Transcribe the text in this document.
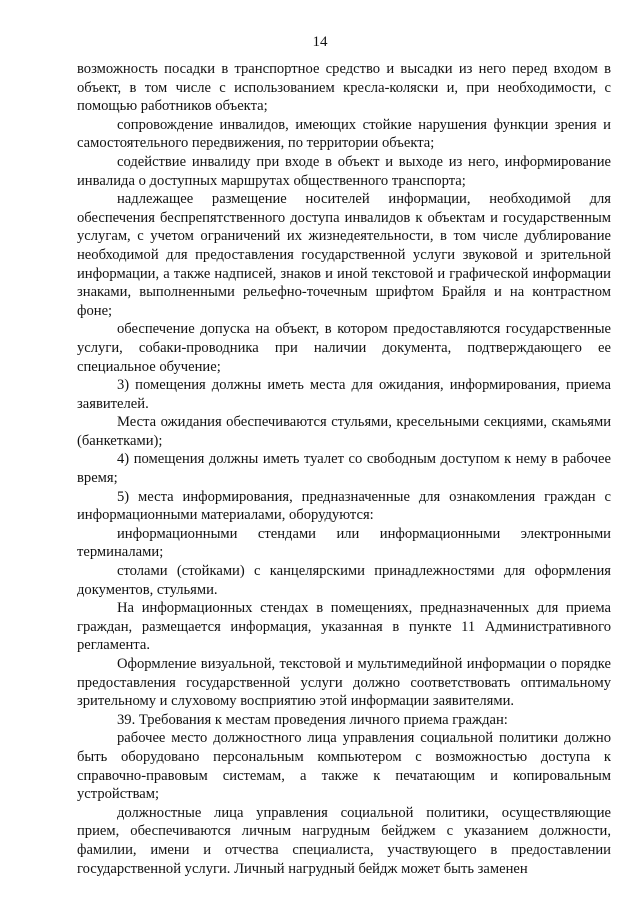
14

возможность посадки в транспортное средство и высадки из него перед входом в объект, в том числе с использованием кресла-коляски и, при необходимости, с помощью работников объекта;

сопровождение инвалидов, имеющих стойкие нарушения функции зрения и самостоятельного передвижения, по территории объекта;

содействие инвалиду при входе в объект и выходе из него, информирование инвалида о доступных маршрутах общественного транспорта;

надлежащее размещение носителей информации, необходимой для обеспечения беспрепятственного доступа инвалидов к объектам и государственным услугам, с учетом ограничений их жизнедеятельности, в том числе дублирование необходимой для предоставления государственной услуги звуковой и зрительной информации, а также надписей, знаков и иной текстовой и графической информации знаками, выполненными рельефно-точечным шрифтом Брайля и на контрастном фоне;

обеспечение допуска на объект, в котором предоставляются государственные услуги, собаки-проводника при наличии документа, подтверждающего ее специальное обучение;

3) помещения должны иметь места для ожидания, информирования, приема заявителей.

Места ожидания обеспечиваются стульями, кресельными секциями, скамьями (банкетками);

4) помещения должны иметь туалет со свободным доступом к нему в рабочее время;

5) места информирования, предназначенные для ознакомления граждан с информационными материалами, оборудуются:

информационными стендами или информационными электронными терминалами;

столами (стойками) с канцелярскими принадлежностями для оформления документов, стульями.

На информационных стендах в помещениях, предназначенных для приема граждан, размещается информация, указанная в пункте 11 Административного регламента.

Оформление визуальной, текстовой и мультимедийной информации о порядке предоставления государственной услуги должно соответствовать оптимальному зрительному и слуховому восприятию этой информации заявителями.

39. Требования к местам проведения личного приема граждан:

рабочее место должностного лица управления социальной политики должно быть оборудовано персональным компьютером с возможностью доступа к справочно-правовым системам, а также к печатающим и копировальным устройствам;

должностные лица управления социальной политики, осуществляющие прием, обеспечиваются личным нагрудным бейджем с указанием должности, фамилии, имени и отчества специалиста, участвующего в предоставлении государственной услуги. Личный нагрудный бейдж может быть заменен
